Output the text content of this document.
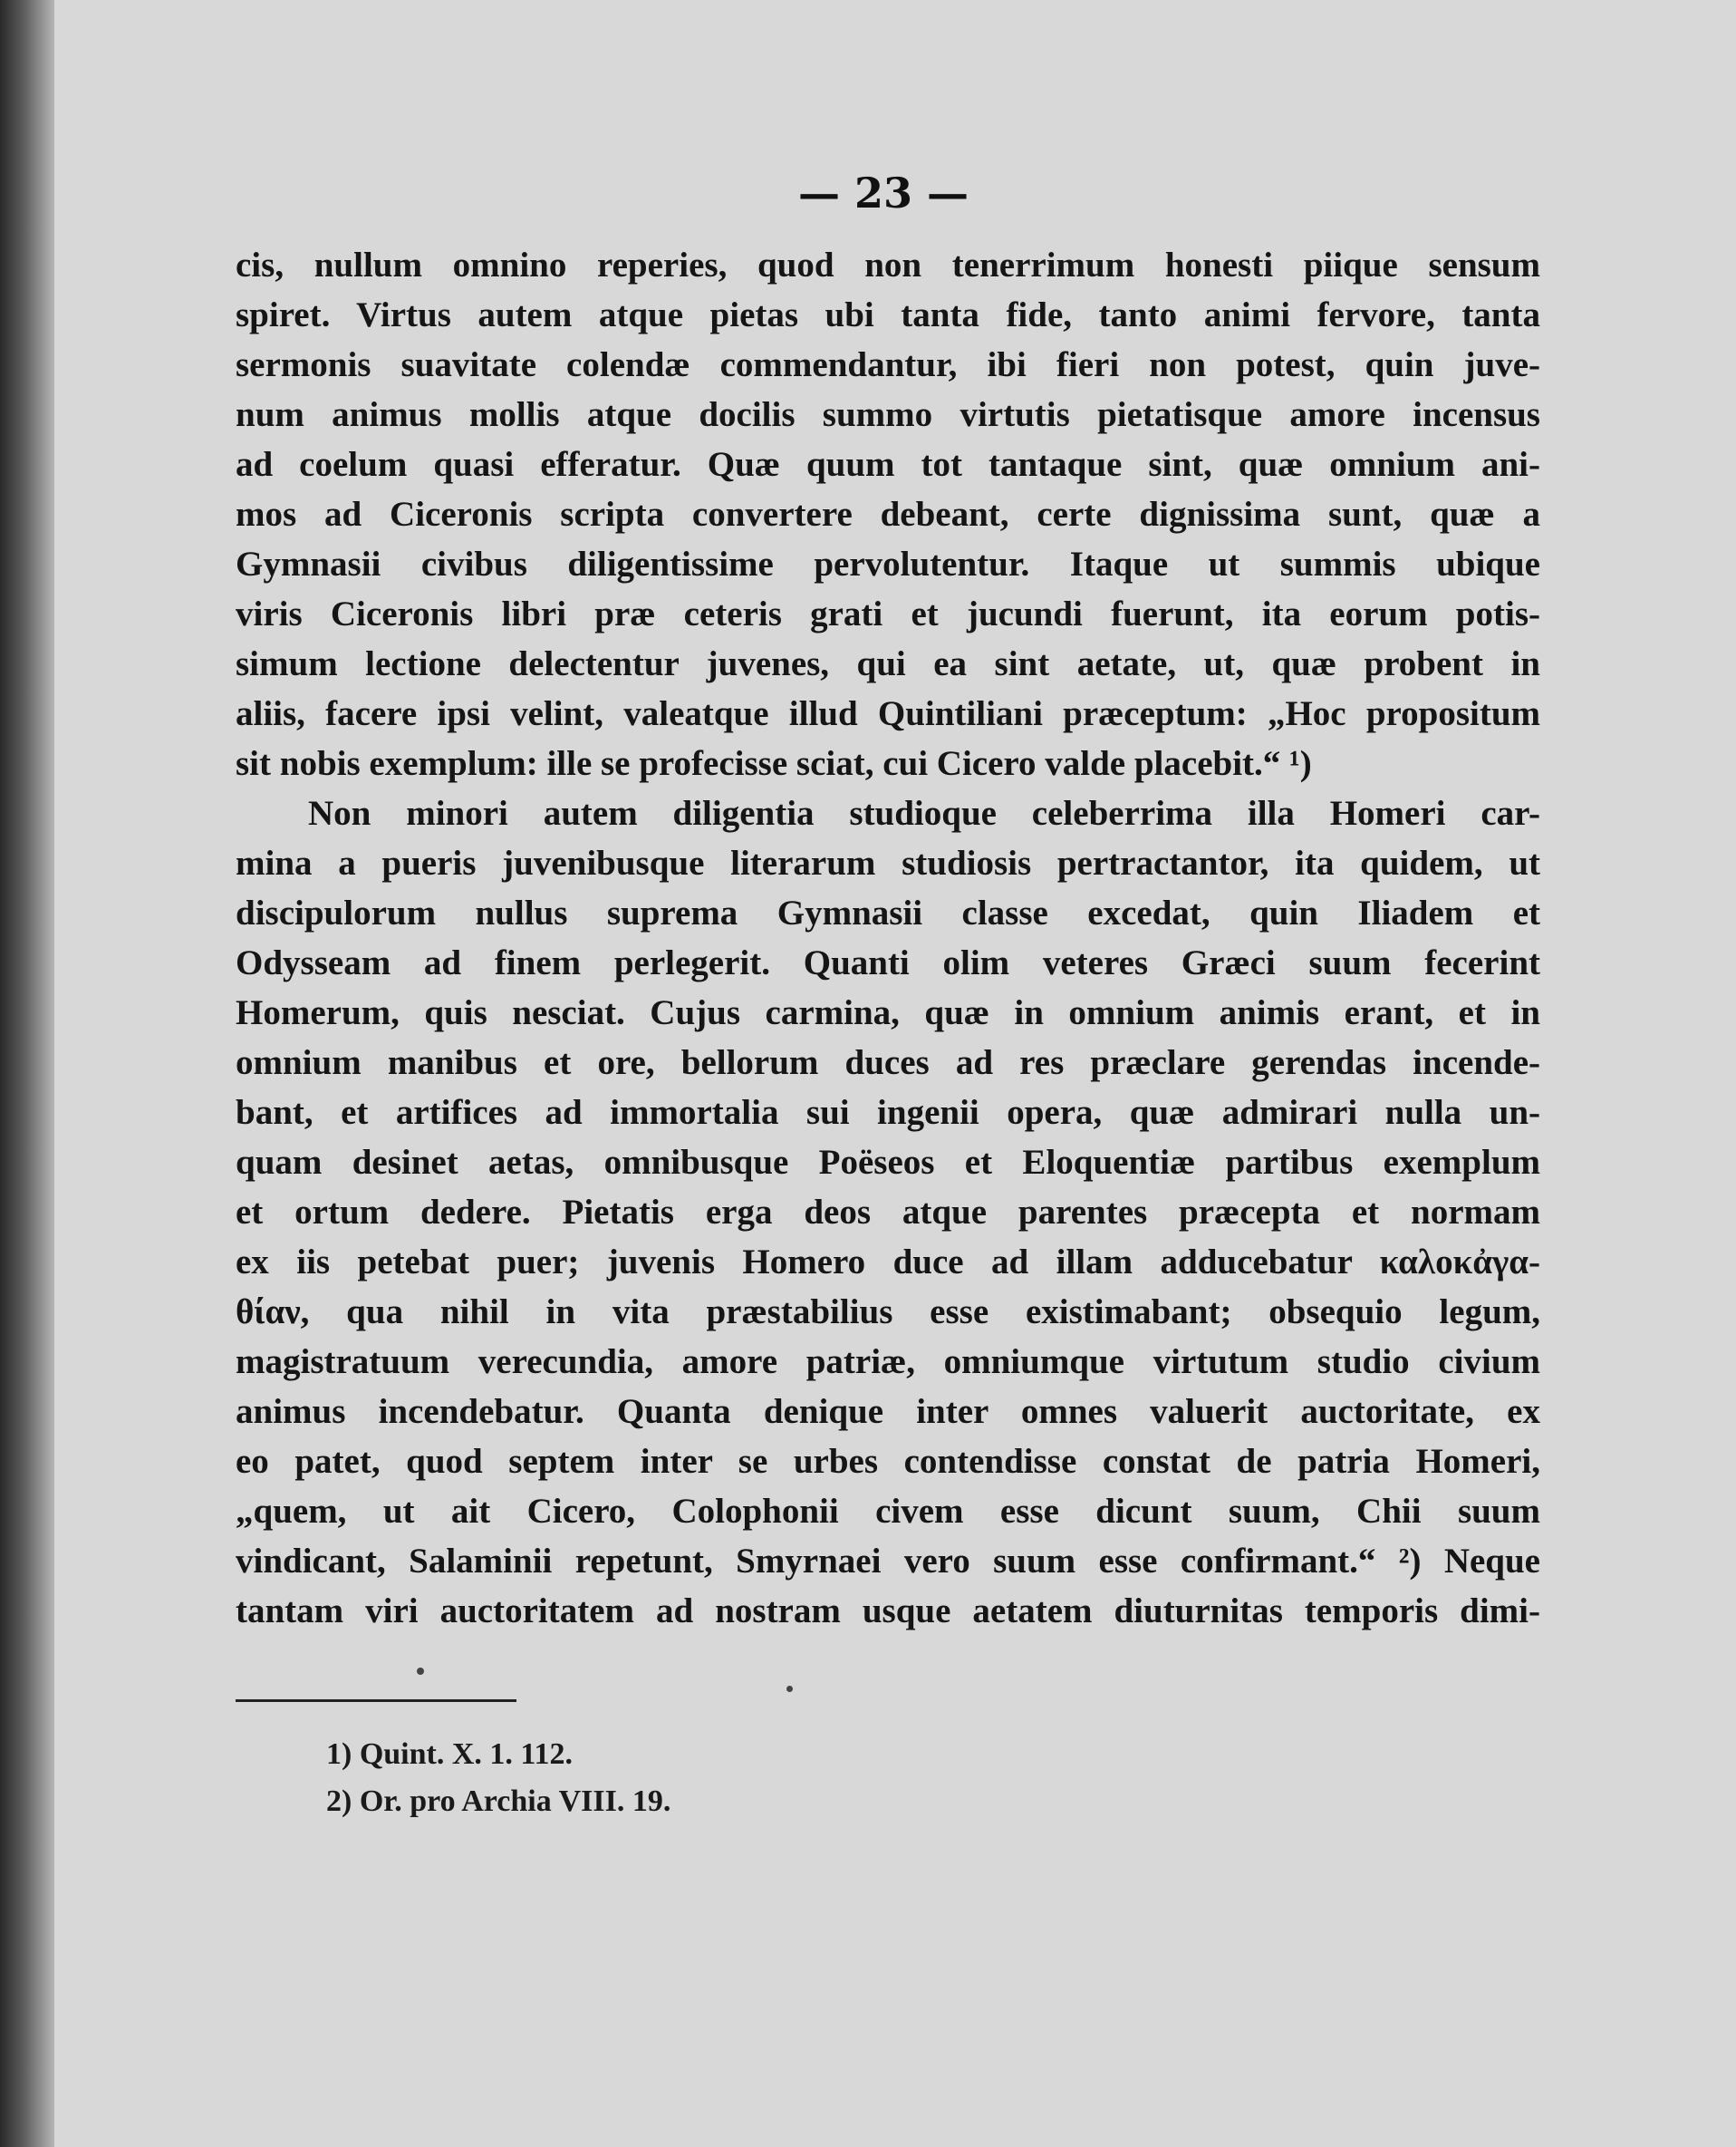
— 23 —
cis, nullum omnino reperies, quod non tenerrimum honesti piique sensum
spiret. Virtus autem atque pietas ubi tanta fide, tanto animi fervore, tanta
sermonis suavitate colendæ commendantur, ibi fieri non potest, quin juve-
num animus mollis atque docilis summo virtutis pietatisque amore incensus
ad coelum quasi efferatur. Quæ quum tot tantaque sint, quæ omnium ani-
mos ad Ciceronis scripta convertere debeant, certe dignissima sunt, quæ a
Gymnasii civibus diligentissime pervolutentur. Itaque ut summis ubique
viris Ciceronis libri præ ceteris grati et jucundi fuerunt, ita eorum potis-
simum lectione delectentur juvenes, qui ea sint aetate, ut, quæ probent in
aliis, facere ipsi velint, valeatque illud Quintiliani præceptum: „Hoc propositum
sit nobis exemplum: ille se profecisse sciat, cui Cicero valde placebit.“ ¹)
Non minori autem diligentia studioque celeberrima illa Homeri car-
mina a pueris juvenibusque literarum studiosis pertractantor, ita quidem, ut
discipulorum nullus suprema Gymnasii classe excedat, quin Iliadem et
Odysseam ad finem perlegerit. Quanti olim veteres Græci suum fecerint
Homerum, quis nesciat. Cujus carmina, quæ in omnium animis erant, et in
omnium manibus et ore, bellorum duces ad res præclare gerendas incende-
bant, et artifices ad immortalia sui ingenii opera, quæ admirari nulla un-
quam desinet aetas, omnibusque Poëseos et Eloquentiæ partibus exemplum
et ortum dedere. Pietatis erga deos atque parentes præcepta et normam
ex iis petebat puer; juvenis Homero duce ad illam adducebatur καλοκἀγα-
θίαν, qua nihil in vita præstabilius esse existimabant; obsequio legum,
magistratuum verecundia, amore patriæ, omniumque virtutum studio civium
animus incendebatur. Quanta denique inter omnes valuerit auctoritate, ex
eo patet, quod septem inter se urbes contendisse constat de patria Homeri,
„quem, ut ait Cicero, Colophonii civem esse dicunt suum, Chii suum
vindicant, Salaminii repetunt, Smyrnaei vero suum esse confirmant.“ ²) Neque
tantam viri auctoritatem ad nostram usque aetatem diuturnitas temporis dimi-
1) Quint. X. 1. 112.
2) Or. pro Archia VIII. 19.
